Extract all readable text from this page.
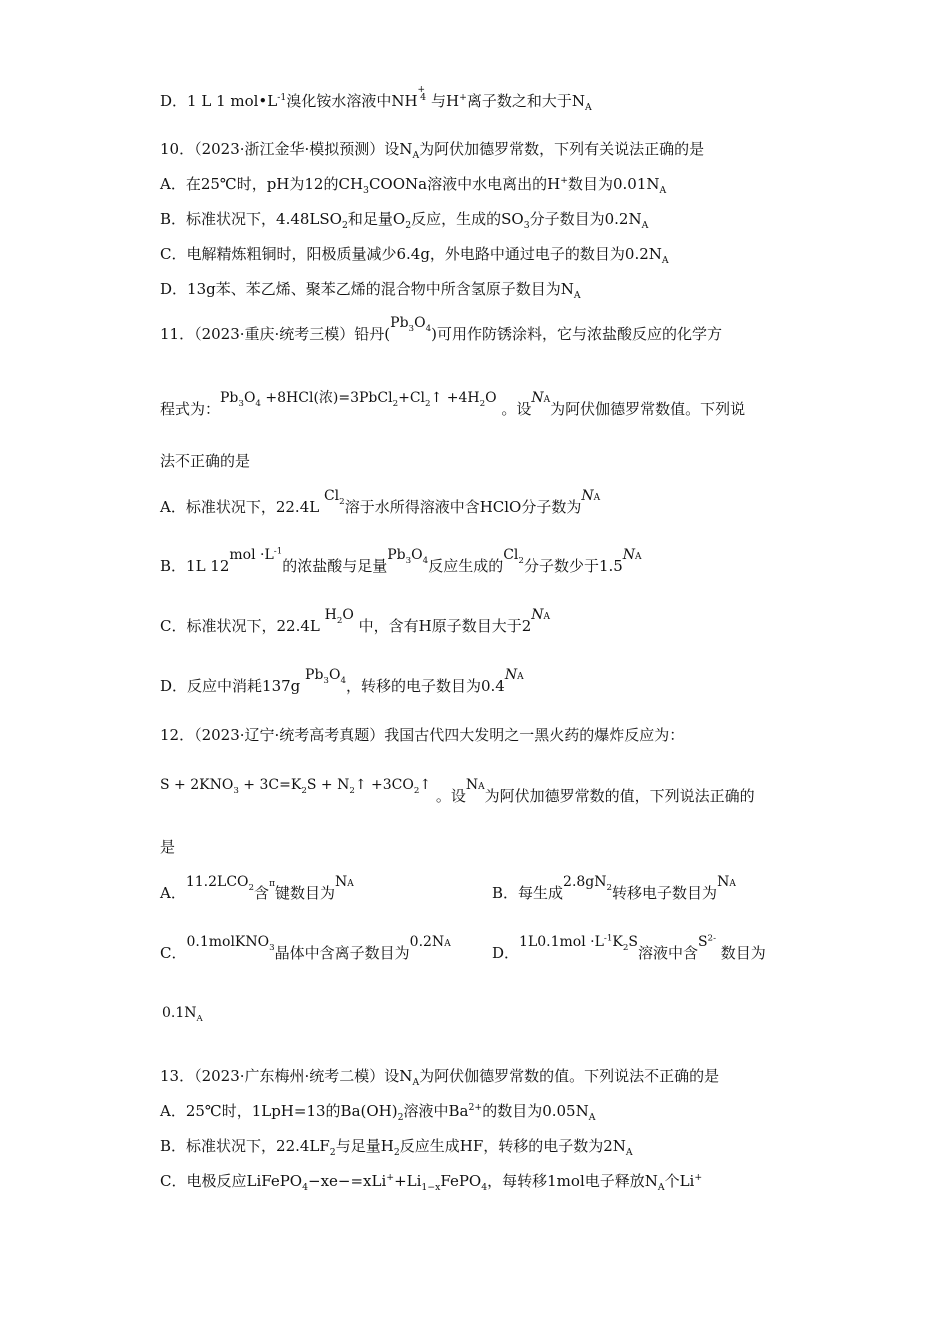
D．1 L 1 $mol•L^{-1}$溴化铵水溶液中$NH^{+4}$ 与H+离子数之和大于$N_A$
10．（2023·浙江金华·模拟预测）设$N_A$为阿伏加德罗常数，下列有关说法正确的是
A．在25℃时，pH为12的$CH_3COONa$溶液中水电离出的H+数目为$0.01N_A$
B．标准状况下，$4.48LSO_2$和足量$O_2$反应，生成的$SO_3$分子数目为$0.2N_A$
C．电解精炼粗铜时，阳极质量减少6.4g，外电路中通过电子的数目为$0.2N_A$
D．13g苯、苯乙烯、聚苯乙烯的混合物中所含氢原子数目为$N_A$
11．（2023·重庆·统考三模）铅丹$(Pb_3O_4)$可用作防锈涂料，它与浓盐酸反应的化学方
程式为：$Pb_3O_4 +8HCl$(浓)$=3PbCl_2+Cl_2↑ +4H_2O$ 。设$N^A$为阿伏伽德罗常数值。下列说
法不正确的是
A．标准状况下，22.4L $Cl_2$溶于水所得溶液中含HClO分子数为$N^A$
B．1L $12mol \cdot L^{-1}$的浓盐酸与足量$Pb_3O_4$反应生成的$Cl_2$分子数少于$1.5N^A$
C．标准状况下，22.4L $H_2O$ 中，含有H原子数目大于$2N^A$
D．反应中消耗137g $Pb_3O_4$，转移的电子数目为$0.4N^A$
12．（2023·辽宁·统考高考真题）我国古代四大发明之一黑火药的爆炸反应为：
$S + 2KNO_3 + 3C=K_2S$ + $N_2↑$ $+3CO_2↑$ 。设$N^A$为阿伏加德罗常数的值，下列说法正确的
是
A．$11.2LCO_2$含$^\pi$键数目为$N^A$	B．每生成$2.8gN_2$转移电子数目为$N^A$
C．0.1molKNO$_3$晶体中含离子数目为$0.2N^A$	D．$1L0.1mol \cdot L^{-1}K_2S$溶液中含$S^{2-}$ 数目为
$0.1N_A$
13．（2023·广东梅州·统考二模）设$N_A$为阿伏伽德罗常数的值。下列说法不正确的是
A．25℃时，1LpH=13的$Ba(OH)_2$溶液中$Ba^{2+}$的数目为$0.05N_A$
B．标准状况下，$22.4LF_2$与足量$H_2$反应生成HF，转移的电子数为$2N_A$
C．电极反应$LiFePO_4-xe-=xLi^++Li_{1-x}FePO_4$，每转移1mol电子释放$N_A$个Li+
